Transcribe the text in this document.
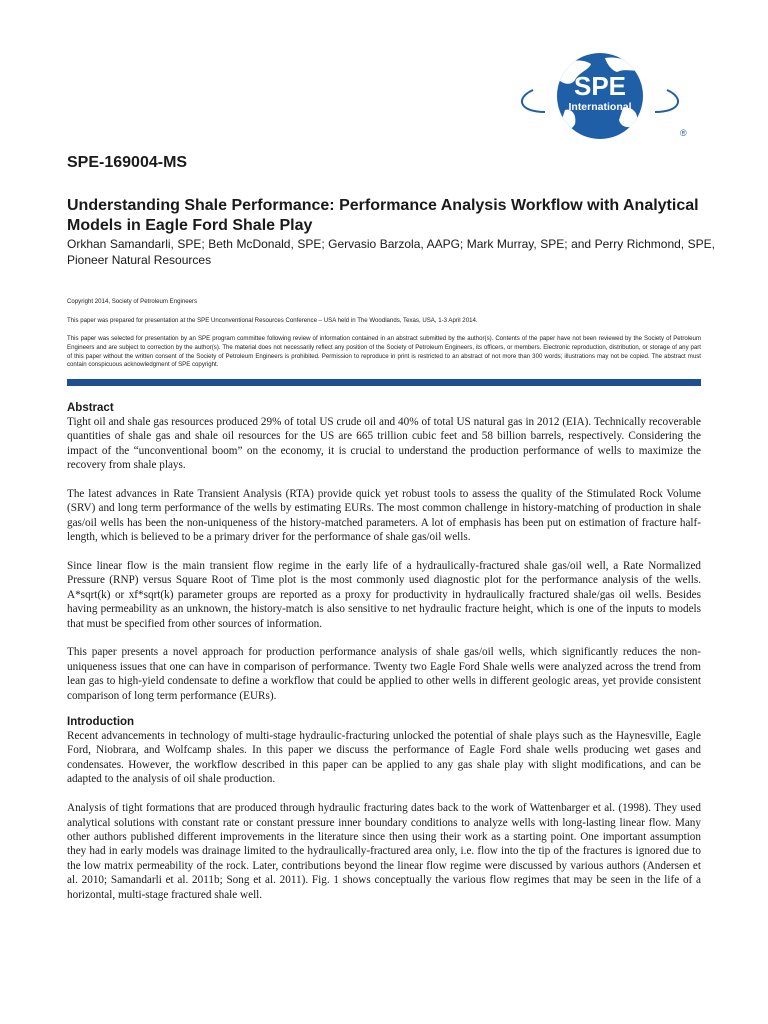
SPE
International
®
SPE-169004-MS
Understanding Shale Performance: Performance Analysis Workflow with Analytical Models in Eagle Ford Shale Play

Orkhan Samandarli, SPE; Beth McDonald, SPE; Gervasio Barzola, AAPG; Mark Murray, SPE; and Perry Richmond, SPE, Pioneer Natural Resources

Copyright 2014, Society of Petroleum Engineers

This paper was prepared for presentation at the SPE Unconventional Resources Conference – USA held in The Woodlands, Texas, USA, 1-3 April 2014.

This paper was selected for presentation by an SPE program committee following review of information contained in an abstract submitted by the author(s). Contents of the paper have not been reviewed by the Society of Petroleum Engineers and are subject to correction by the author(s). The material does not necessarily reflect any position of the Society of Petroleum Engineers, its officers, or members. Electronic reproduction, distribution, or storage of any part of this paper without the written consent of the Society of Petroleum Engineers is prohibited. Permission to reproduce in print is restricted to an abstract of not more than 300 words; illustrations may not be copied. The abstract must contain conspicuous acknowledgment of SPE copyright.

Abstract

Tight oil and shale gas resources produced 29% of total US crude oil and 40% of total US natural gas in 2012 (EIA). Technically recoverable quantities of shale gas and shale oil resources for the US are 665 trillion cubic feet and 58 billion barrels, respectively. Considering the impact of the “unconventional boom” on the economy, it is crucial to understand the production performance of wells to maximize the recovery from shale plays.

The latest advances in Rate Transient Analysis (RTA) provide quick yet robust tools to assess the quality of the Stimulated Rock Volume (SRV) and long term performance of the wells by estimating EURs. The most common challenge in history-matching of production in shale gas/oil wells has been the non-uniqueness of the history-matched parameters. A lot of emphasis has been put on estimation of fracture half-length, which is believed to be a primary driver for the performance of shale gas/oil wells.

Since linear flow is the main transient flow regime in the early life of a hydraulically-fractured shale gas/oil well, a Rate Normalized Pressure (RNP) versus Square Root of Time plot is the most commonly used diagnostic plot for the performance analysis of the wells. A*sqrt(k) or xf*sqrt(k) parameter groups are reported as a proxy for productivity in hydraulically fractured shale/gas oil wells. Besides having permeability as an unknown, the history-match is also sensitive to net hydraulic fracture height, which is one of the inputs to models that must be specified from other sources of information.

This paper presents a novel approach for production performance analysis of shale gas/oil wells, which significantly reduces the non-uniqueness issues that one can have in comparison of performance. Twenty two Eagle Ford Shale wells were analyzed across the trend from lean gas to high-yield condensate to define a workflow that could be applied to other wells in different geologic areas, yet provide consistent comparison of long term performance (EURs).

Introduction

Recent advancements in technology of multi-stage hydraulic-fracturing unlocked the potential of shale plays such as the Haynesville, Eagle Ford, Niobrara, and Wolfcamp shales. In this paper we discuss the performance of Eagle Ford shale wells producing wet gases and condensates. However, the workflow described in this paper can be applied to any gas shale play with slight modifications, and can be adapted to the analysis of oil shale production.

Analysis of tight formations that are produced through hydraulic fracturing dates back to the work of Wattenbarger et al. (1998). They used analytical solutions with constant rate or constant pressure inner boundary conditions to analyze wells with long-lasting linear flow. Many other authors published different improvements in the literature since then using their work as a starting point. One important assumption they had in early models was drainage limited to the hydraulically-fractured area only, i.e. flow into the tip of the fractures is ignored due to the low matrix permeability of the rock. Later, contributions beyond the linear flow regime were discussed by various authors (Andersen et al. 2010; Samandarli et al. 2011b; Song et al. 2011). Fig. 1 shows conceptually the various flow regimes that may be seen in the life of a horizontal, multi-stage fractured shale well.
